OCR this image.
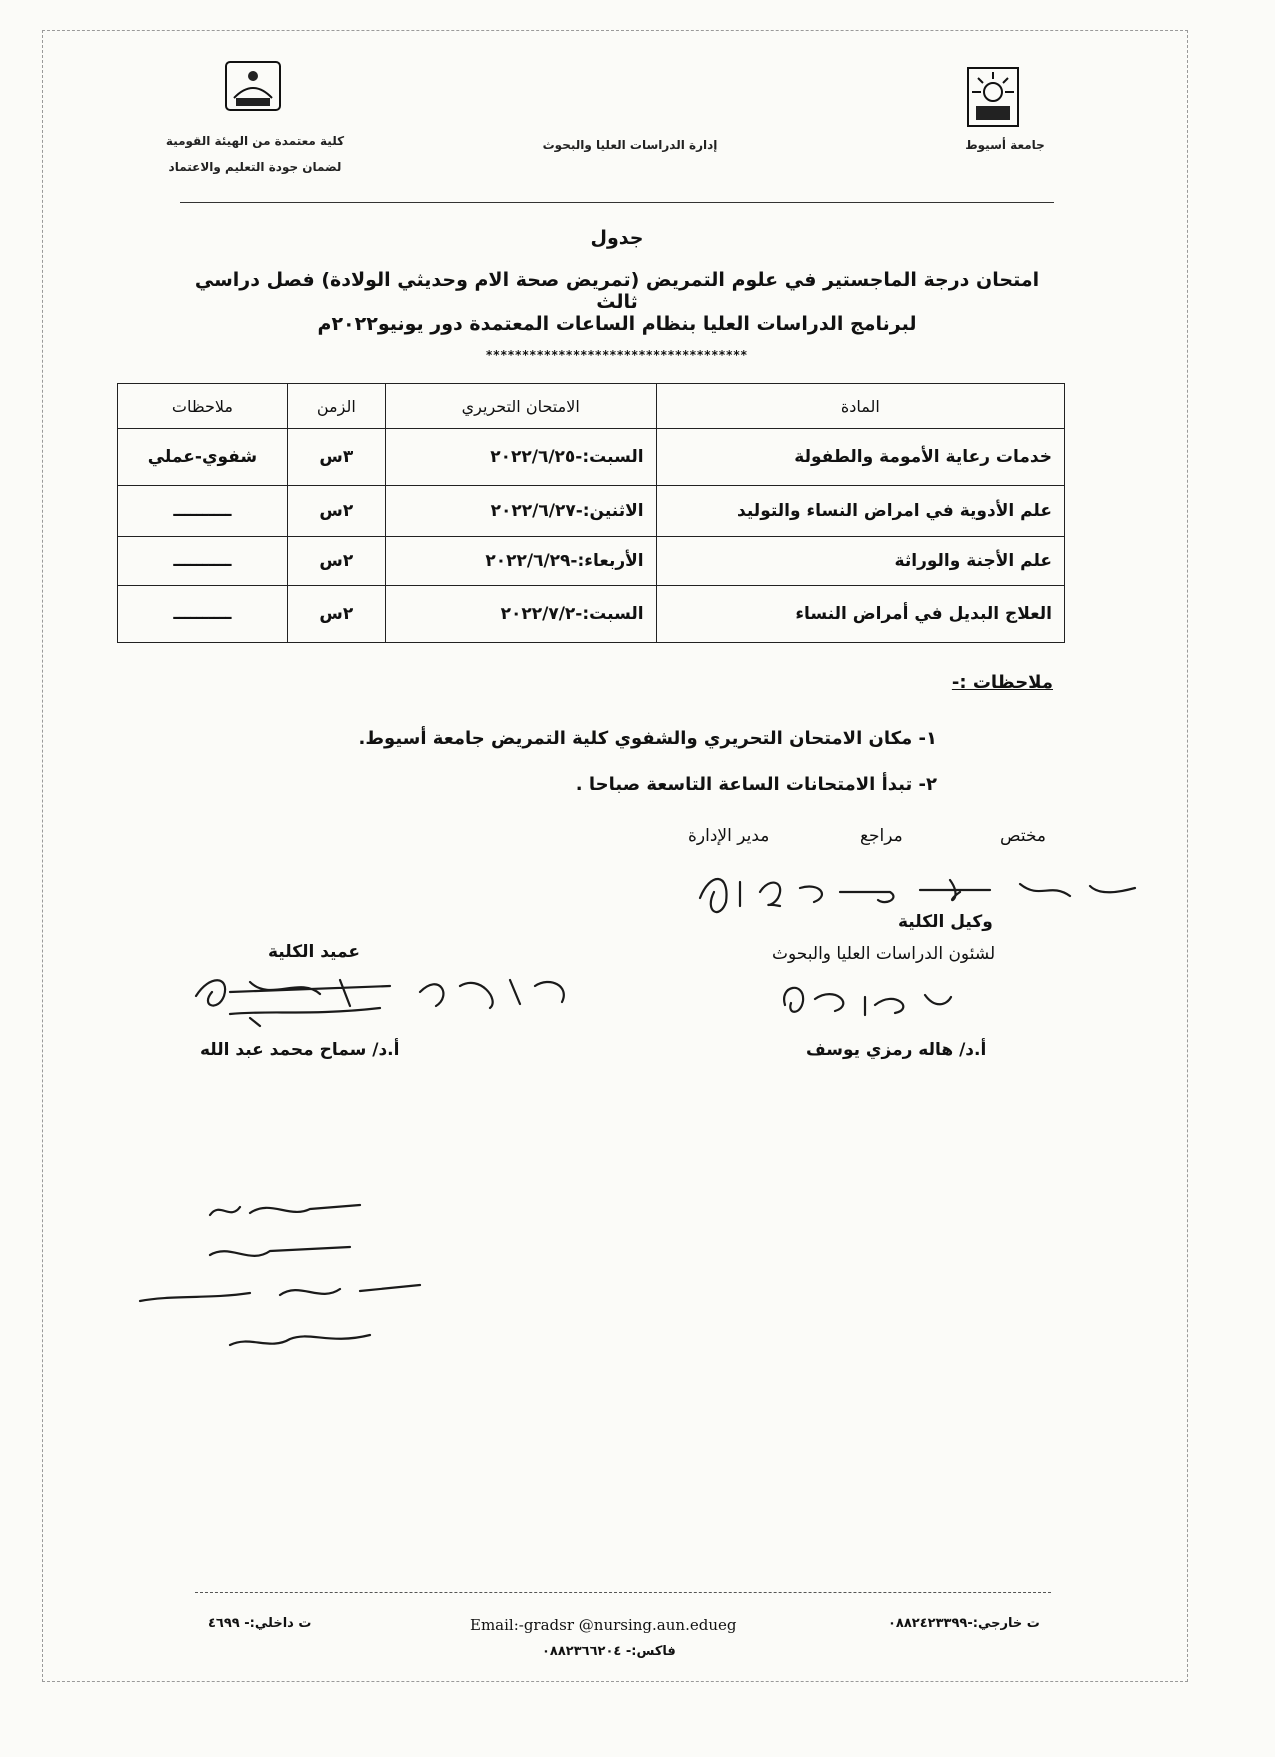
جامعة أسيوط
إدارة الدراسات العليا والبحوث
كلية معتمدة من الهيئة القومية
لضمان جودة التعليم والاعتماد
جدول
امتحان درجة الماجستير في علوم التمريض (تمريض صحة الام وحديثي الولادة) فصل دراسي ثالث
لبرنامج الدراسات العليا بنظام الساعات المعتمدة دور يونيو٢٠٢٢م
************************************
المادة	الامتحان التحريري	الزمن	ملاحظات
خدمات رعاية الأمومة والطفولة	السبت:-٢٠٢٢/٦/٢٥	٣س	شفوي-عملي
علم الأدوية في امراض النساء والتوليد	الاثنين:-٢٠٢٢/٦/٢٧	٢س	ــــــــــ
علم الأجنة والوراثة	الأربعاء:-٢٠٢٢/٦/٢٩	٢س	ــــــــــ
العلاج البديل في أمراض النساء	السبت:-٢٠٢٢/٧/٢	٢س	ــــــــــ
ملاحظات :-
١- مكان الامتحان التحريري والشفوي كلية التمريض جامعة أسيوط.
٢- تبدأ الامتحانات الساعة التاسعة صباحا .
مختص
مراجع
مدير الإدارة
وكيل الكلية
لشئون الدراسات العليا والبحوث
أ.د/ هاله رمزي يوسف
عميد الكلية
أ.د/ سماح محمد عبد الله
ت خارجي:-٠٨٨٢٤٢٣٣٩٩
Email:-gradsr @nursing.aun.edueg
ت داخلي:- ٤٦٩٩
فاكس:- ٠٨٨٢٣٦٦٢٠٤
